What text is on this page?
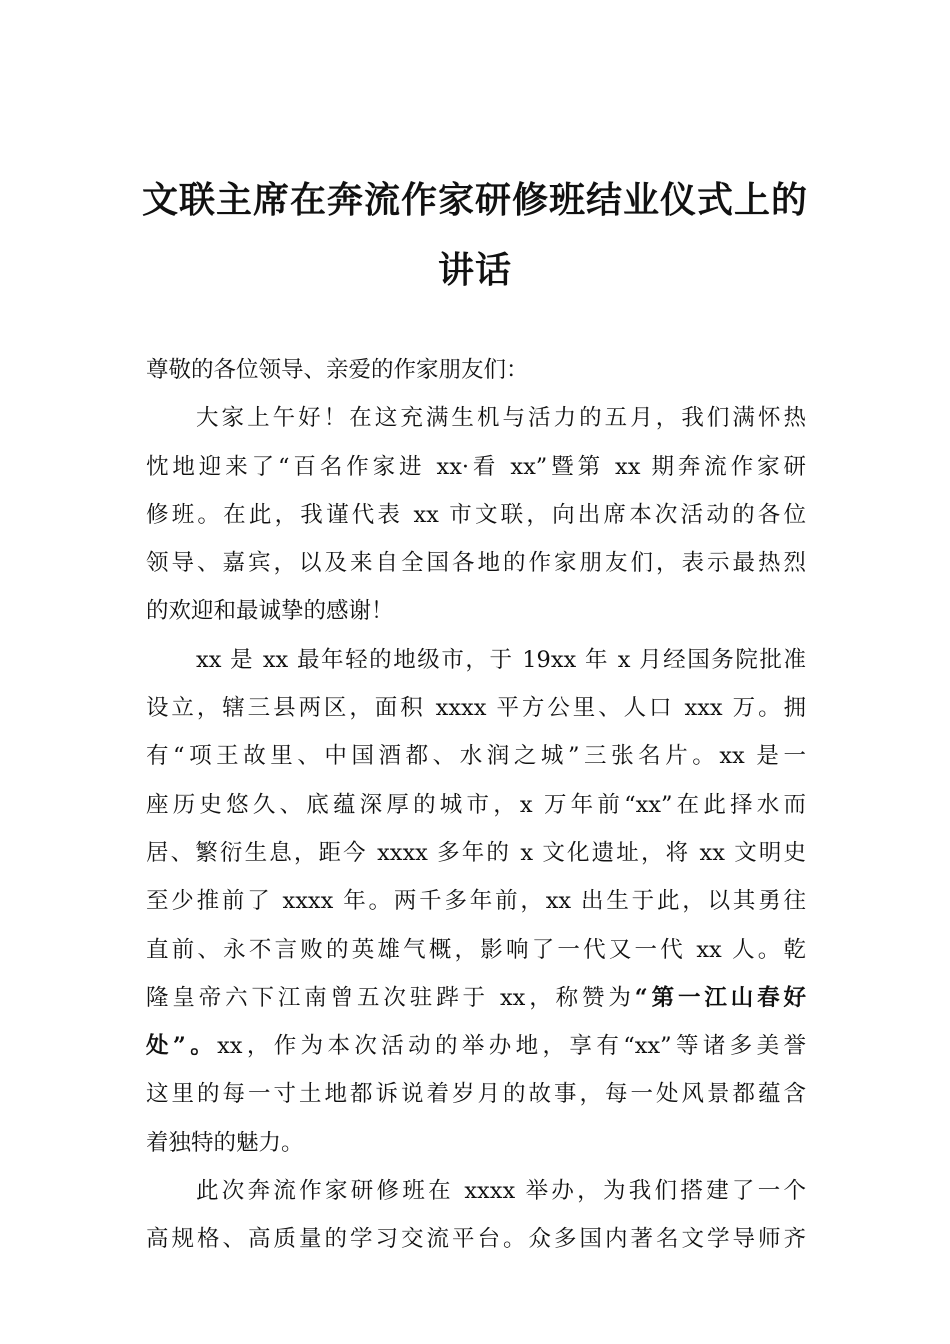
文联主席在奔流作家研修班结业仪式上的
讲话
尊敬的各位领导、亲爱的作家朋友们：
大家上午好！在这充满生机与活力的五月，我们满怀热
忱地迎来了“百名作家进 xx·看 xx”暨第 xx 期奔流作家研
修班。在此，我谨代表 xx 市文联，向出席本次活动的各位
领导、嘉宾，以及来自全国各地的作家朋友们，表示最热烈
的欢迎和最诚挚的感谢！
xx 是 xx 最年轻的地级市，于 19xx 年 x 月经国务院批准
设立，辖三县两区，面积 xxxx 平方公里、人口 xxx 万。拥
有“项王故里、中国酒都、水润之城”三张名片。xx 是一
座历史悠久、底蕴深厚的城市，x 万年前“xx”在此择水而
居、繁衍生息，距今 xxxx 多年的 x 文化遗址，将 xx 文明史
至少推前了 xxxx 年。两千多年前，xx 出生于此，以其勇往
直前、永不言败的英雄气概，影响了一代又一代 xx 人。乾
隆皇帝六下江南曾五次驻跸于 xx，称赞为“第一江山春好
处”。xx，作为本次活动的举办地，享有“xx”等诸多美誉
这里的每一寸土地都诉说着岁月的故事，每一处风景都蕴含
着独特的魅力。
此次奔流作家研修班在 xxxx 举办，为我们搭建了一个
高规格、高质量的学习交流平台。众多国内著名文学导师齐
